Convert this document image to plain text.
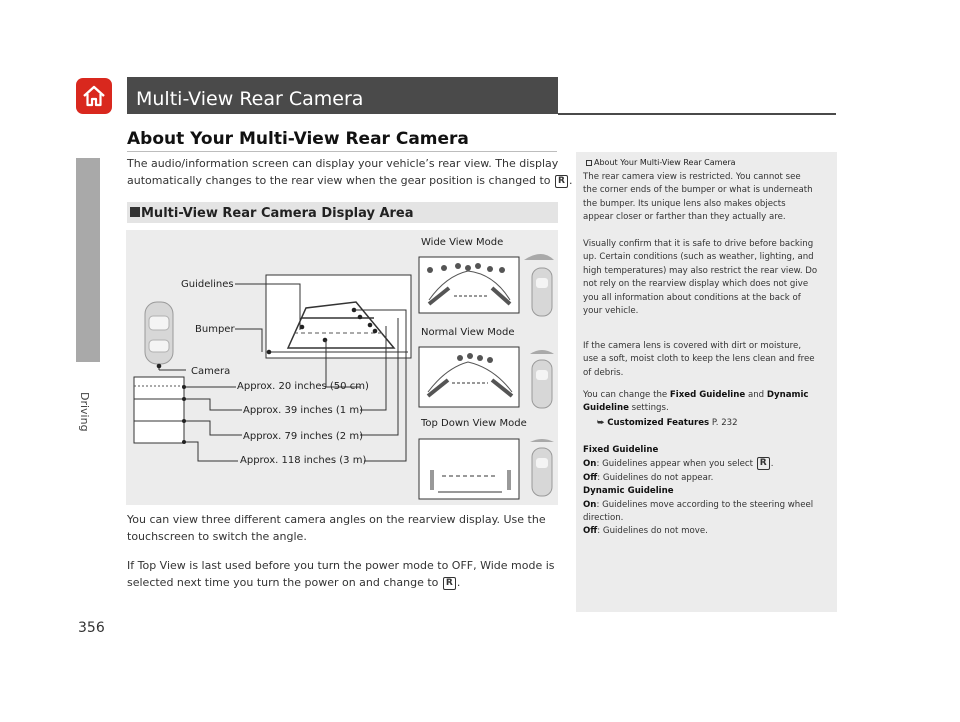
Driving
Multi-View Rear Camera
About Your Multi-View Rear Camera
The audio/information screen can display your vehicle’s rear view. The display
automatically changes to the rear view when the gear position is changed to R .
Multi-View Rear Camera Display Area
Guidelines
Bumper
Camera
Approx. 20 inches (50 cm)
Approx. 39 inches (1 m)
Approx. 79 inches (2 m)
Approx. 118 inches (3 m)
Wide View Mode
Normal View Mode
Top Down View Mode
You can view three different camera angles on the rearview display. Use the
touchscreen to switch the angle.
If Top View is last used before you turn the power mode to OFF, Wide mode is
selected next time you turn the power on and change to R .
About Your Multi-View Rear Camera
The rear camera view is restricted. You cannot see
the corner ends of the bumper or what is underneath
the bumper. Its unique lens also makes objects
appear closer or farther than they actually are.
Visually confirm that it is safe to drive before backing
up. Certain conditions (such as weather, lighting, and
high temperatures) may also restrict the rear view. Do
not rely on the rearview display which does not give
you all information about conditions at the back of
your vehicle.
If the camera lens is covered with dirt or moisture,
use a soft, moist cloth to keep the lens clean and free
of debris.
You can change the Fixed Guideline and Dynamic
Guideline settings.
⮩ Customized Features P. 232
Fixed Guideline
On: Guidelines appear when you select R .
Off: Guidelines do not appear.
Dynamic Guideline
On: Guidelines move according to the steering wheel
direction.
Off: Guidelines do not move.
356
